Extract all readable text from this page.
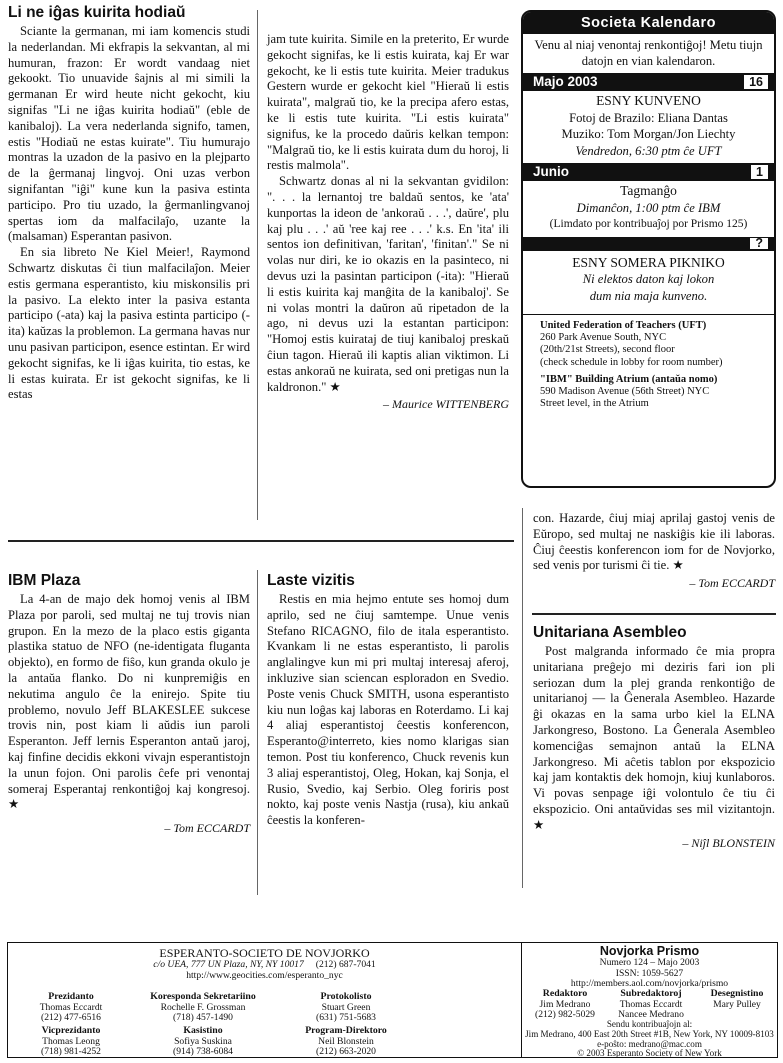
Li ne iĝas kuirita hodiaŭ

Sciante la germanan, mi iam komencis studi la nederlandan. Mi ekfrapis la sekvantan, al mi humuran, frazon: Er wordt vandaag niet gekookt. Tio unuavide ŝajnis al mi simili la germanan Er wird heute nicht gekocht, kiu signifas "Li ne iĝas kuirita hodiaŭ" (eble de kanibaloj). La vera nederlanda signifo, tamen, estis "Hodiaŭ ne estas kuirate". Tiu humurajo montras la uzadon de la pasivo en la plejparto de la ĝermanaj lingvoj. Oni uzas verbon signifantan "iĝi" kune kun la pasiva estinta participo. Pro tiu uzado, la ĝermanlingvanoj spertas iom da malfacilaĵo, uzante la (malsaman) Esperantan pasivon.

En sia libreto Ne Kiel Meier!, Raymond Schwartz diskutas ĉi tiun malfacilaĵon. Meier estis germana esperantisto, kiu miskonsilis pri la pasivo. La elekto inter la pasiva estanta participo (-ata) kaj la pasiva estinta participo (-ita) kaŭzas la problemon. La germana havas nur unu pasivan participon, esence estintan. Er wird gekocht signifas, ke li iĝas kuirita, tio estas, ke li estas kuirata. Er ist gekocht signifas, ke li estas

jam tute kuirita. Simile en la preterito, Er wurde gekocht signifas, ke li estis kuirata, kaj Er war gekocht, ke li estis tute kuirita. Meier tradukus Gestern wurde er gekocht kiel "Hieraŭ li estis kuirata", malgraŭ tio, ke la precipa afero estas, ke li estis tute kuirita. "Li estis kuirata" signifus, ke la procedo daŭris kelkan tempon: "Malgraŭ tio, ke li estis kuirata dum du horoj, li restis malmola".

Schwartz donas al ni la sekvantan gvidilon: ". . . la lernantoj tre baldaŭ sentos, ke 'ata' kunportas la ideon de 'ankoraŭ . . .', daŭre', plu kaj plu . . .' aŭ 'ree kaj ree . . .' k.s. En 'ita' ili sentos ion definitivan, 'faritan', 'finitan'." Se ni volas nur diri, ke io okazis en la pasinteco, ni devus uzi la pasintan participon (-ita): "Hieraŭ li estis kuirita kaj manĝita de la kanibaloj'. Se ni volas montri la daŭron aŭ ripetadon de la ago, ni devus uzi la estantan participon: "Homoj estis kuirataj de tiuj kanibaloj preskaŭ ĉiun tagon. Hieraŭ ili kaptis alian viktimon. Li estas ankoraŭ ne kuirata, sed oni pretigas nun la kaldronon." ★

– Maurice WITTENBERG
Societa Kalendaro
Venu al niaj venontaj renkontiĝoj! Metu tiujn datojn en vian kalendaron.
Majo 2003	16
ESNY KUNVENO
Fotoj de Brazilo: Eliana Dantas
Muziko: Tom Morgan/Jon Liechty
Vendredon, 6:30 ptm ĉe UFT
Junio	1
Tagmanĝo
Dimanĉon, 1:00 ptm ĉe IBM
(Limdato por kontribuaĵoj por Prismo 125)
?
ESNY SOMERA PIKNIKO
Ni elektos daton kaj lokon
dum nia maja kunveno.
United Federation of Teachers (UFT)
260 Park Avenue South, NYC
(20th/21st Streets), second floor
(check schedule in lobby for room number)
"IBM" Building Atrium (antaŭa nomo)
590 Madison Avenue (56th Street) NYC
Street level, in the Atrium

con. Hazarde, ĉiuj miaj aprilaj gastoj venis de Eŭropo, sed multaj ne naskiĝis kie ili laboras. Ĉiuj ĉeestis konferencon iom for de Novjorko, sed venis por turismi ĉi tie. ★

– Tom ECCARDT
IBM Plaza

La 4-an de majo dek homoj venis al IBM Plaza por paroli, sed multaj ne tuj trovis nian grupon. En la mezo de la placo estis giganta plastika statuo de NFO (ne-identigata fluganta objekto), en formo de fiŝo, kun granda okulo je la antaŭa flanko. Do ni kunpremiĝis en nekutima angulo ĉe la enirejo. Spite tiu problemo, novulo Jeff BLAKESLEE sukcese trovis nin, post kiam li aŭdis iun paroli Esperanton. Jeff lernis Esperanton antaŭ jaroj, kaj finfine decidis ekkoni vivajn esperantistojn la unun fojon. Oni parolis ĉefe pri venontaj someraj Esperantaj renkontiĝoj kaj kongresoj. ★

– Tom ECCARDT
Laste vizitis

Restis en mia hejmo entute ses homoj dum aprilo, sed ne ĉiuj samtempe. Unue venis Stefano RICAGNO, filo de itala esperantisto. Kvankam li ne estas esperantisto, li parolis anglalingve kun mi pri multaj interesaj aferoj, inkluzive sian sciencan esploradon en Svedio. Poste venis Chuck SMITH, usona esperantisto kiu nun loĝas kaj laboras en Roterdamo. Li kaj 4 aliaj esperantistoj ĉeestis konferencon, Esperanto@interreto, kies nomo klarigas sian temon. Post tiu konferenco, Chuck revenis kun 3 aliaj esperantistoj, Oleg, Hokan, kaj Sonja, el Rusio, Svedio, kaj Serbio. Oleg foriris post nokto, kaj poste venis Nastja (rusa), kiu ankaŭ ĉeestis la konferen-

Unitariana Asembleo

Post malgranda informado ĉe mia propra unitariana preĝejo mi deziris fari ion pli seriozan dum la plej granda renkontiĝo de unitarianoj — la Ĝenerala Asembleo. Hazarde ĝi okazas en la sama urbo kiel la ELNA Jarkongreso, Bostono. La Ĝenerala Asembleo komenciĝas semajnon antaŭ la ELNA Jarkongreso. Mi aĉetis tablon por ekspozicio kaj jam kontaktis dek homojn, kiuj kunlaboros. Vi povas senpage iĝi volontulo ĉe tiu ĉi ekspozicio. Oni antaŭvidas ses mil vizitantojn. ★

– Niĵl BLONSTEIN
ESPERANTO-SOCIETO DE NOVJORKO
c/o UEA, 777 UN Plaza, NY, NY 10017 (212) 687-7041
http://www.geocities.com/esperanto_nyc
Prezidanto
Thomas Eccardt
(212) 477-6516
Korespondа Sekretariino
Rochelle F. Grossman
(718) 457-1490
Protokolisto
Stuart Green
(631) 751-5683
Vicprezidanto
Thomas Leong
(718) 981-4252
Kasistino
Sofiya Suskina
(914) 738-6084
Program-Direktoro
Neil Blonstein
(212) 663-2020
Novjorka Prismo
Numero 124 – Majo 2003
ISSN: 1059-5627
http://members.aol.com/novjorka/prismo
Redaktoro
Jim Medrano
(212) 982-5029
Subredaktoroj
Thomas Eccardt
Nancee Medrano
Desegnistino
Mary Pulley
Sendu kontribuaĵojn al:
Jim Medrano, 400 East 20th Street #1B, New York, NY 10009-8103
e-poŝto: medrano@mac.com
© 2003 Esperanto Society of New York
